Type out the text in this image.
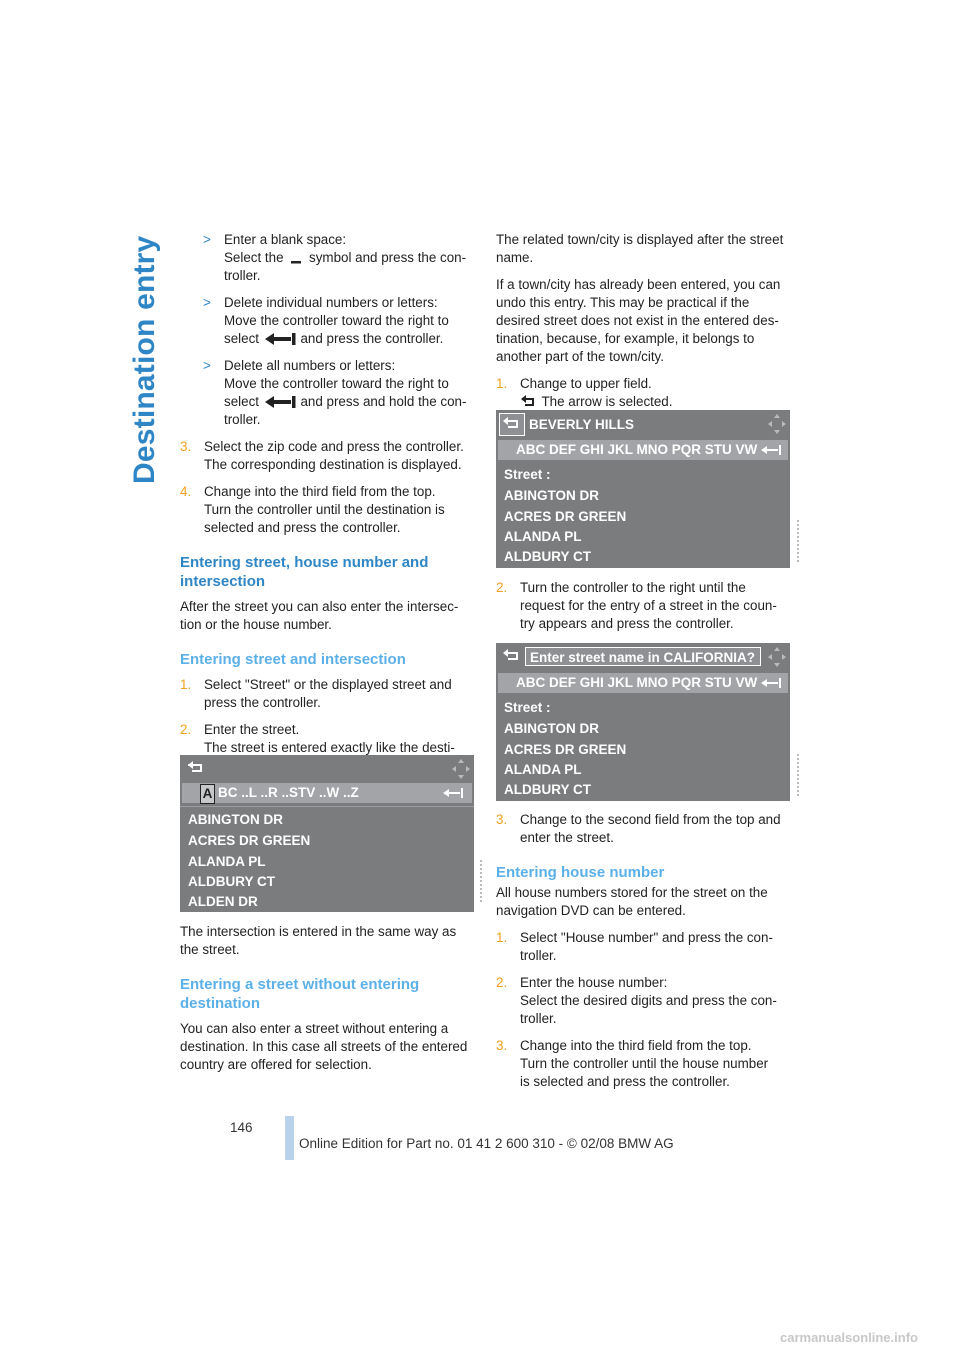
Destination entry	> Enter a blank space:
Select the symbol and press the con-
troller.
> Delete individual numbers or letters:
Move the controller toward the right to
select	and press the controller.
> Delete all numbers or letters:
Move the controller toward the right to
select	and press and hold the con-
troller.
3. Select the zip code and press the controller.
The corresponding destination is displayed.
4. Change into the third field from the top.
Turn the controller until the destination is
selected and press the controller.
Entering street, house number and intersection

After the street you can also enter the intersec-tion or the house number.

Entering street and intersection
1. Select "Street" or the displayed street and
press the controller.
2. Enter the street.
The street is entered exactly like the desti-
A BC ..L ..R ..STV ..W ..Z
ABINGTON DR
ACRES DR GREEN
ALANDA PL
ALDBURY CT
ALDEN DR

The intersection is entered in the same way as the street.

Entering a street without entering destination

You can also enter a street without entering a destination. In this case all streets of the entered country are offered for selection.

The related town/city is displayed after the street name.

If a town/city has already been entered, you can undo this entry. This may be practical if the desired street does not exist in the entered des-tination, because, for example, it belongs to another part of the town/city.

1. Change to upper field.
The arrow is selected.
BEVERLY HILLS
ABC DEF GHI JKL MNO PQR STU VW
Street :
ABINGTON DR
ACRES DR GREEN
ALANDA PL
ALDBURY CT
2. Turn the controller to the right until the
request for the entry of a street in the coun-
try appears and press the controller.
Enter street name in CALIFORNIA?
ABC DEF GHI JKL MNO PQR STU VW
Street :
ABINGTON DR
ACRES DR GREEN
ALANDA PL
ALDBURY CT
3. Change to the second field from the top and
enter the street.
Entering house number

All house numbers stored for the street on the navigation DVD can be entered.

1. Select "House number" and press the con-
troller.
2. Enter the house number:
Select the desired digits and press the con-
troller.
3. Change into the third field from the top.
Turn the controller until the house number
is selected and press the controller.
146
Online Edition for Part no. 01 41 2 600 310 - © 02/08 BMW AG
carmanualsonline.info
